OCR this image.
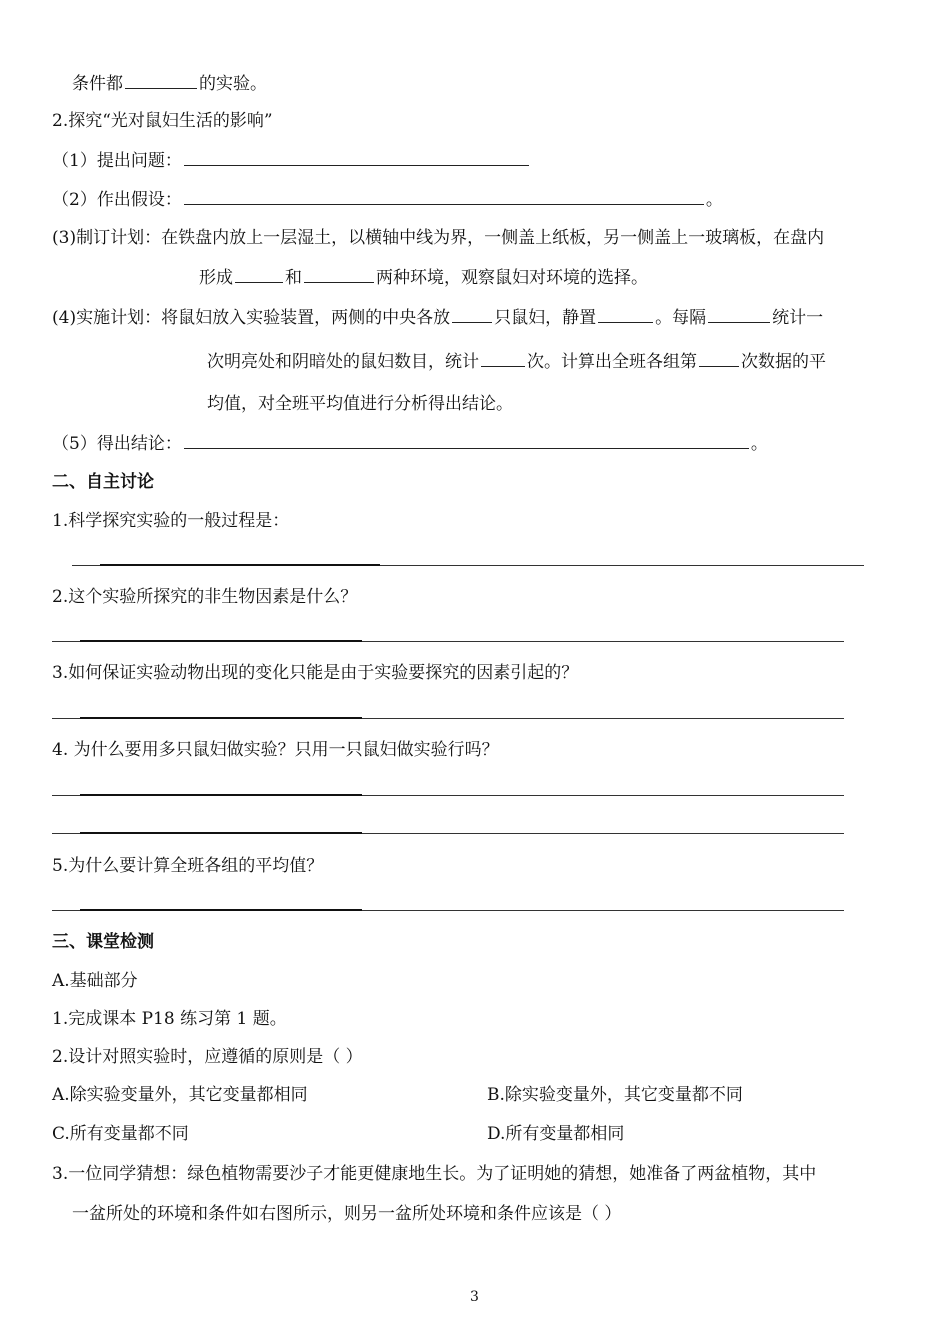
条件都	的实验。
2.探究“光对鼠妇生活的影响”
（1）提出问题：
（2）作出假设：	。
(3)制订计划：在铁盘内放上一层湿土，以横轴中线为界，一侧盖上纸板，另一侧盖上一玻璃板，在盘内
形成	和	两种环境，观察鼠妇对环境的选择。
(4)实施计划：将鼠妇放入实验装置，两侧的中央各放	只鼠妇，静置	。每隔	统计一
次明亮处和阴暗处的鼠妇数目，统计	次。计算出全班各组第	次数据的平
均值，对全班平均值进行分析得出结论。
（5）得出结论：	。
二、自主讨论
1.科学探究实验的一般过程是：
2.这个实验所探究的非生物因素是什么？
3.如何保证实验动物出现的变化只能是由于实验要探究的因素引起的？
4. 为什么要用多只鼠妇做实验？只用一只鼠妇做实验行吗？
5.为什么要计算全班各组的平均值？
三、课堂检测
A.基础部分
1.完成课本 P18 练习第 1 题。
2.设计对照实验时，应遵循的原则是（ ）
A.除实验变量外，其它变量都相同	B.除实验变量外，其它变量都不同
C.所有变量都不同	D.所有变量都相同
3.一位同学猜想：绿色植物需要沙子才能更健康地生长。为了证明她的猜想，她准备了两盆植物，其中
一盆所处的环境和条件如右图所示，则另一盆所处环境和条件应该是（ ）
3
